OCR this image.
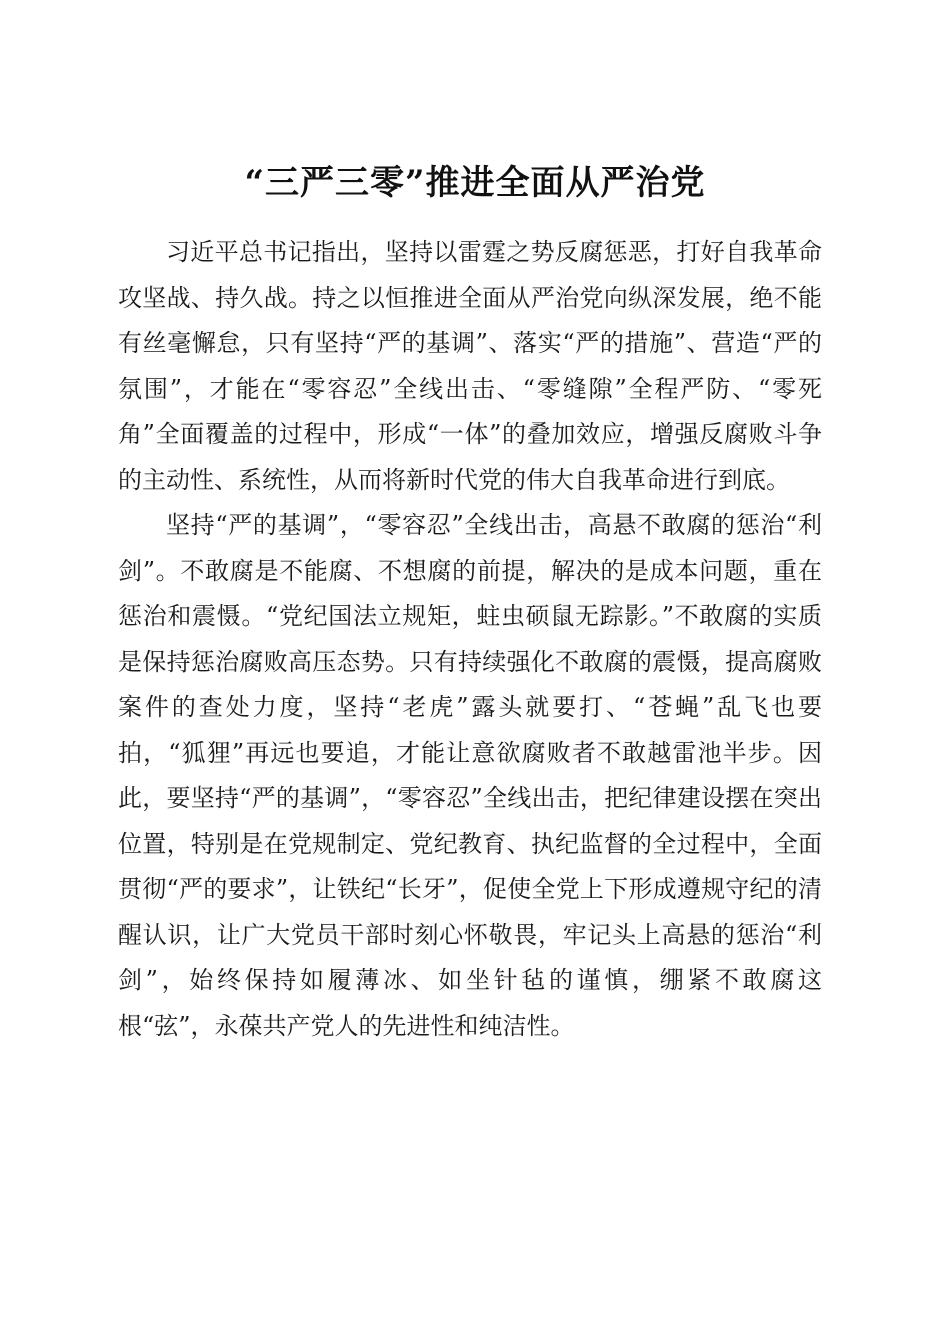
“三严三零”推进全面从严治党

习近平总书记指出，坚持以雷霆之势反腐惩恶，打好自我革命攻坚战、持久战。持之以恒推进全面从严治党向纵深发展，绝不能有丝毫懈怠，只有坚持“严的基调”、落实“严的措施”、营造“严的氛围”，才能在“零容忍”全线出击、“零缝隙”全程严防、“零死角”全面覆盖的过程中，形成“一体”的叠加效应，增强反腐败斗争的主动性、系统性，从而将新时代党的伟大自我革命进行到底。

坚持“严的基调”，“零容忍”全线出击，高悬不敢腐的惩治“利剑”。不敢腐是不能腐、不想腐的前提，解决的是成本问题，重在惩治和震慑。“党纪国法立规矩，蛀虫硕鼠无踪影。”不敢腐的实质是保持惩治腐败高压态势。只有持续强化不敢腐的震慑，提高腐败案件的查处力度，坚持“老虎”露头就要打、“苍蝇”乱飞也要拍，“狐狸”再远也要追，才能让意欲腐败者不敢越雷池半步。因此，要坚持“严的基调”，“零容忍”全线出击，把纪律建设摆在突出位置，特别是在党规制定、党纪教育、执纪监督的全过程中，全面贯彻“严的要求”，让铁纪“长牙”，促使全党上下形成遵规守纪的清醒认识，让广大党员干部时刻心怀敬畏，牢记头上高悬的惩治“利剑”，始终保持如履薄冰、如坐针毡的谨慎，绷紧不敢腐这根“弦”，永葆共产党人的先进性和纯洁性。
